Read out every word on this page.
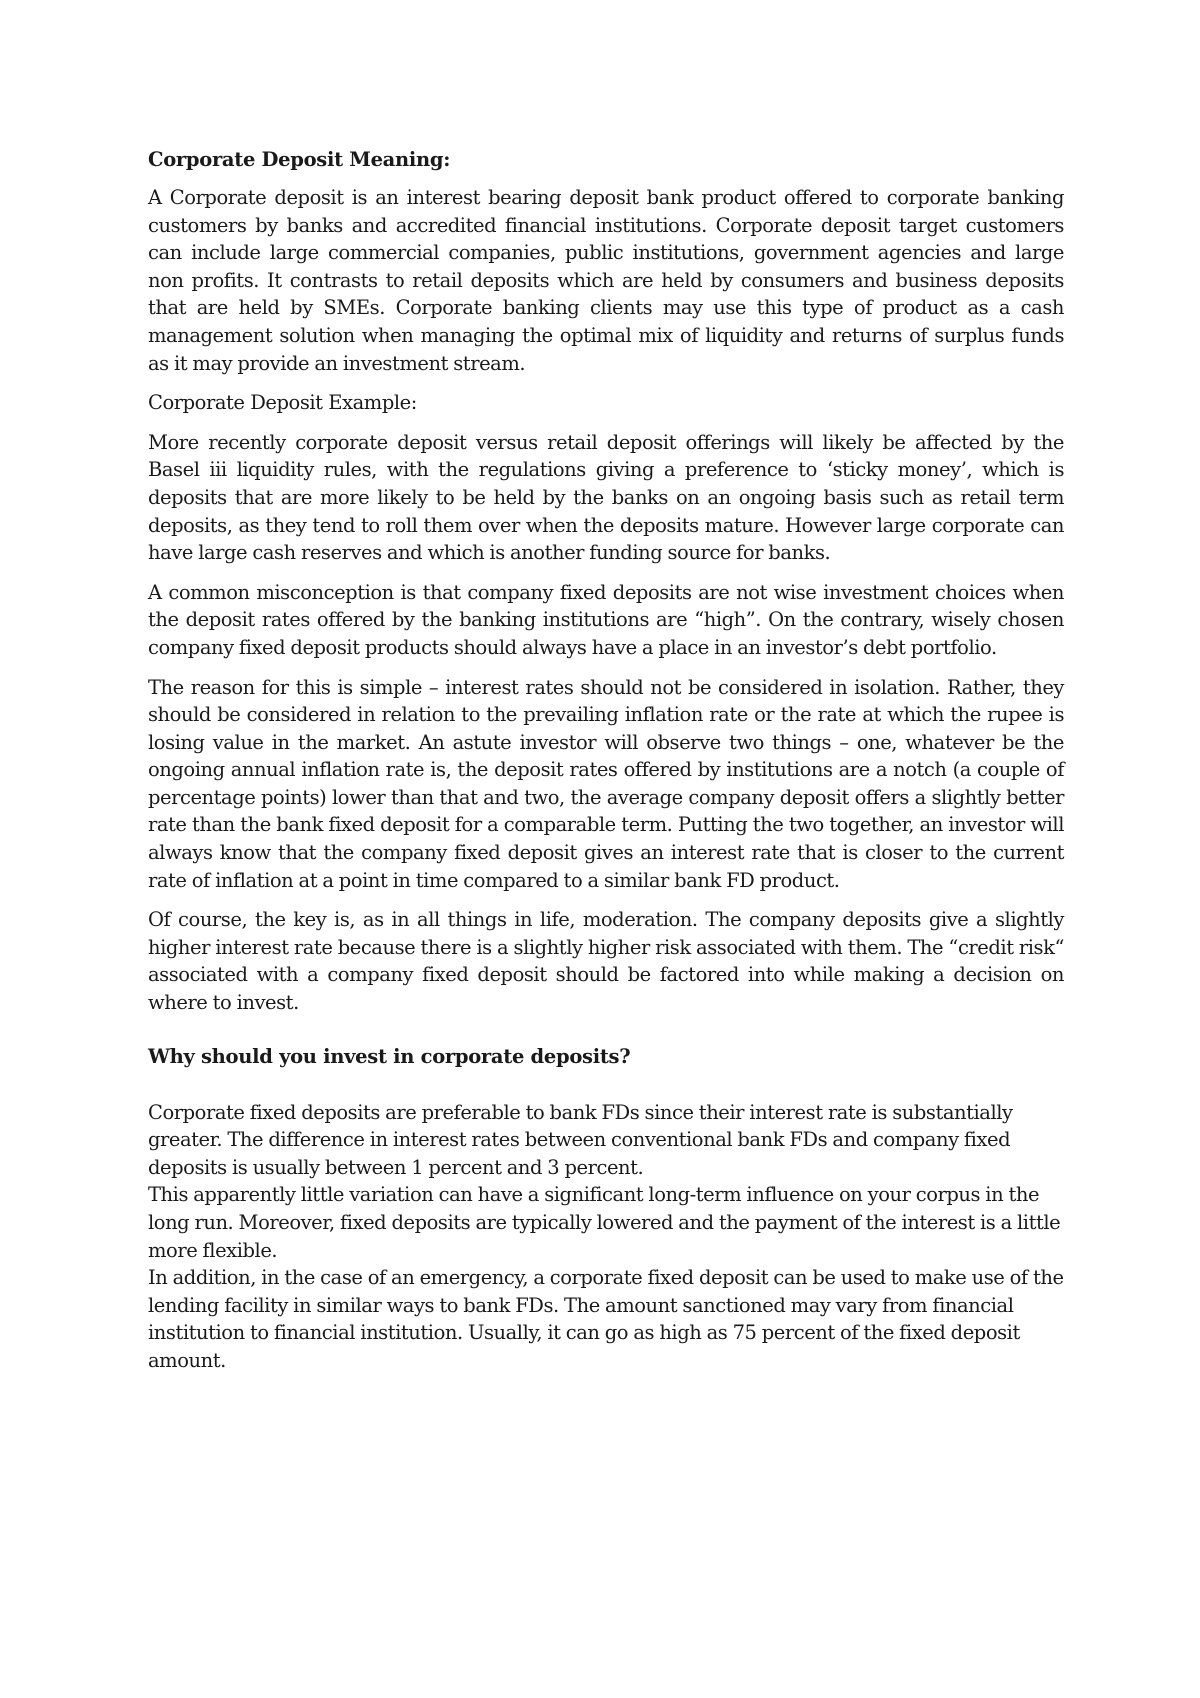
Corporate Deposit Meaning:

A Corporate deposit is an interest bearing deposit bank product offered to corporate banking customers by banks and accredited financial institutions. Corporate deposit target customers can include large commercial companies, public institutions, government agencies and large non profits. It contrasts to retail deposits which are held by consumers and business deposits that are held by SMEs. Corporate banking clients may use this type of product as a cash management solution when managing the optimal mix of liquidity and returns of surplus funds as it may provide an investment stream.

Corporate Deposit Example:

More recently corporate deposit versus retail deposit offerings will likely be affected by the Basel iii liquidity rules, with the regulations giving a preference to ‘sticky money’, which is deposits that are more likely to be held by the banks on an ongoing basis such as retail term deposits, as they tend to roll them over when the deposits mature. However large corporate can have large cash reserves and which is another funding source for banks.

A common misconception is that company fixed deposits are not wise investment choices when the deposit rates offered by the banking institutions are “high”. On the contrary, wisely chosen company fixed deposit products should always have a place in an investor’s debt portfolio.

The reason for this is simple – interest rates should not be considered in isolation. Rather, they should be considered in relation to the prevailing inflation rate or the rate at which the rupee is losing value in the market. An astute investor will observe two things – one, whatever be the ongoing annual inflation rate is, the deposit rates offered by institutions are a notch (a couple of percentage points) lower than that and two, the average company deposit offers a slightly better rate than the bank fixed deposit for a comparable term. Putting the two together, an investor will always know that the company fixed deposit gives an interest rate that is closer to the current rate of inflation at a point in time compared to a similar bank FD product.

Of course, the key is, as in all things in life, moderation. The company deposits give a slightly higher interest rate because there is a slightly higher risk associated with them. The “credit risk“ associated with a company fixed deposit should be factored into while making a decision on where to invest.

Why should you invest in corporate deposits?

Corporate fixed deposits are preferable to bank FDs since their interest rate is substantially greater. The difference in interest rates between conventional bank FDs and company fixed deposits is usually between 1 percent and 3 percent.

This apparently little variation can have a significant long-term influence on your corpus in the long run. Moreover, fixed deposits are typically lowered and the payment of the interest is a little more flexible.

In addition, in the case of an emergency, a corporate fixed deposit can be used to make use of the lending facility in similar ways to bank FDs. The amount sanctioned may vary from financial institution to financial institution. Usually, it can go as high as 75 percent of the fixed deposit amount.
